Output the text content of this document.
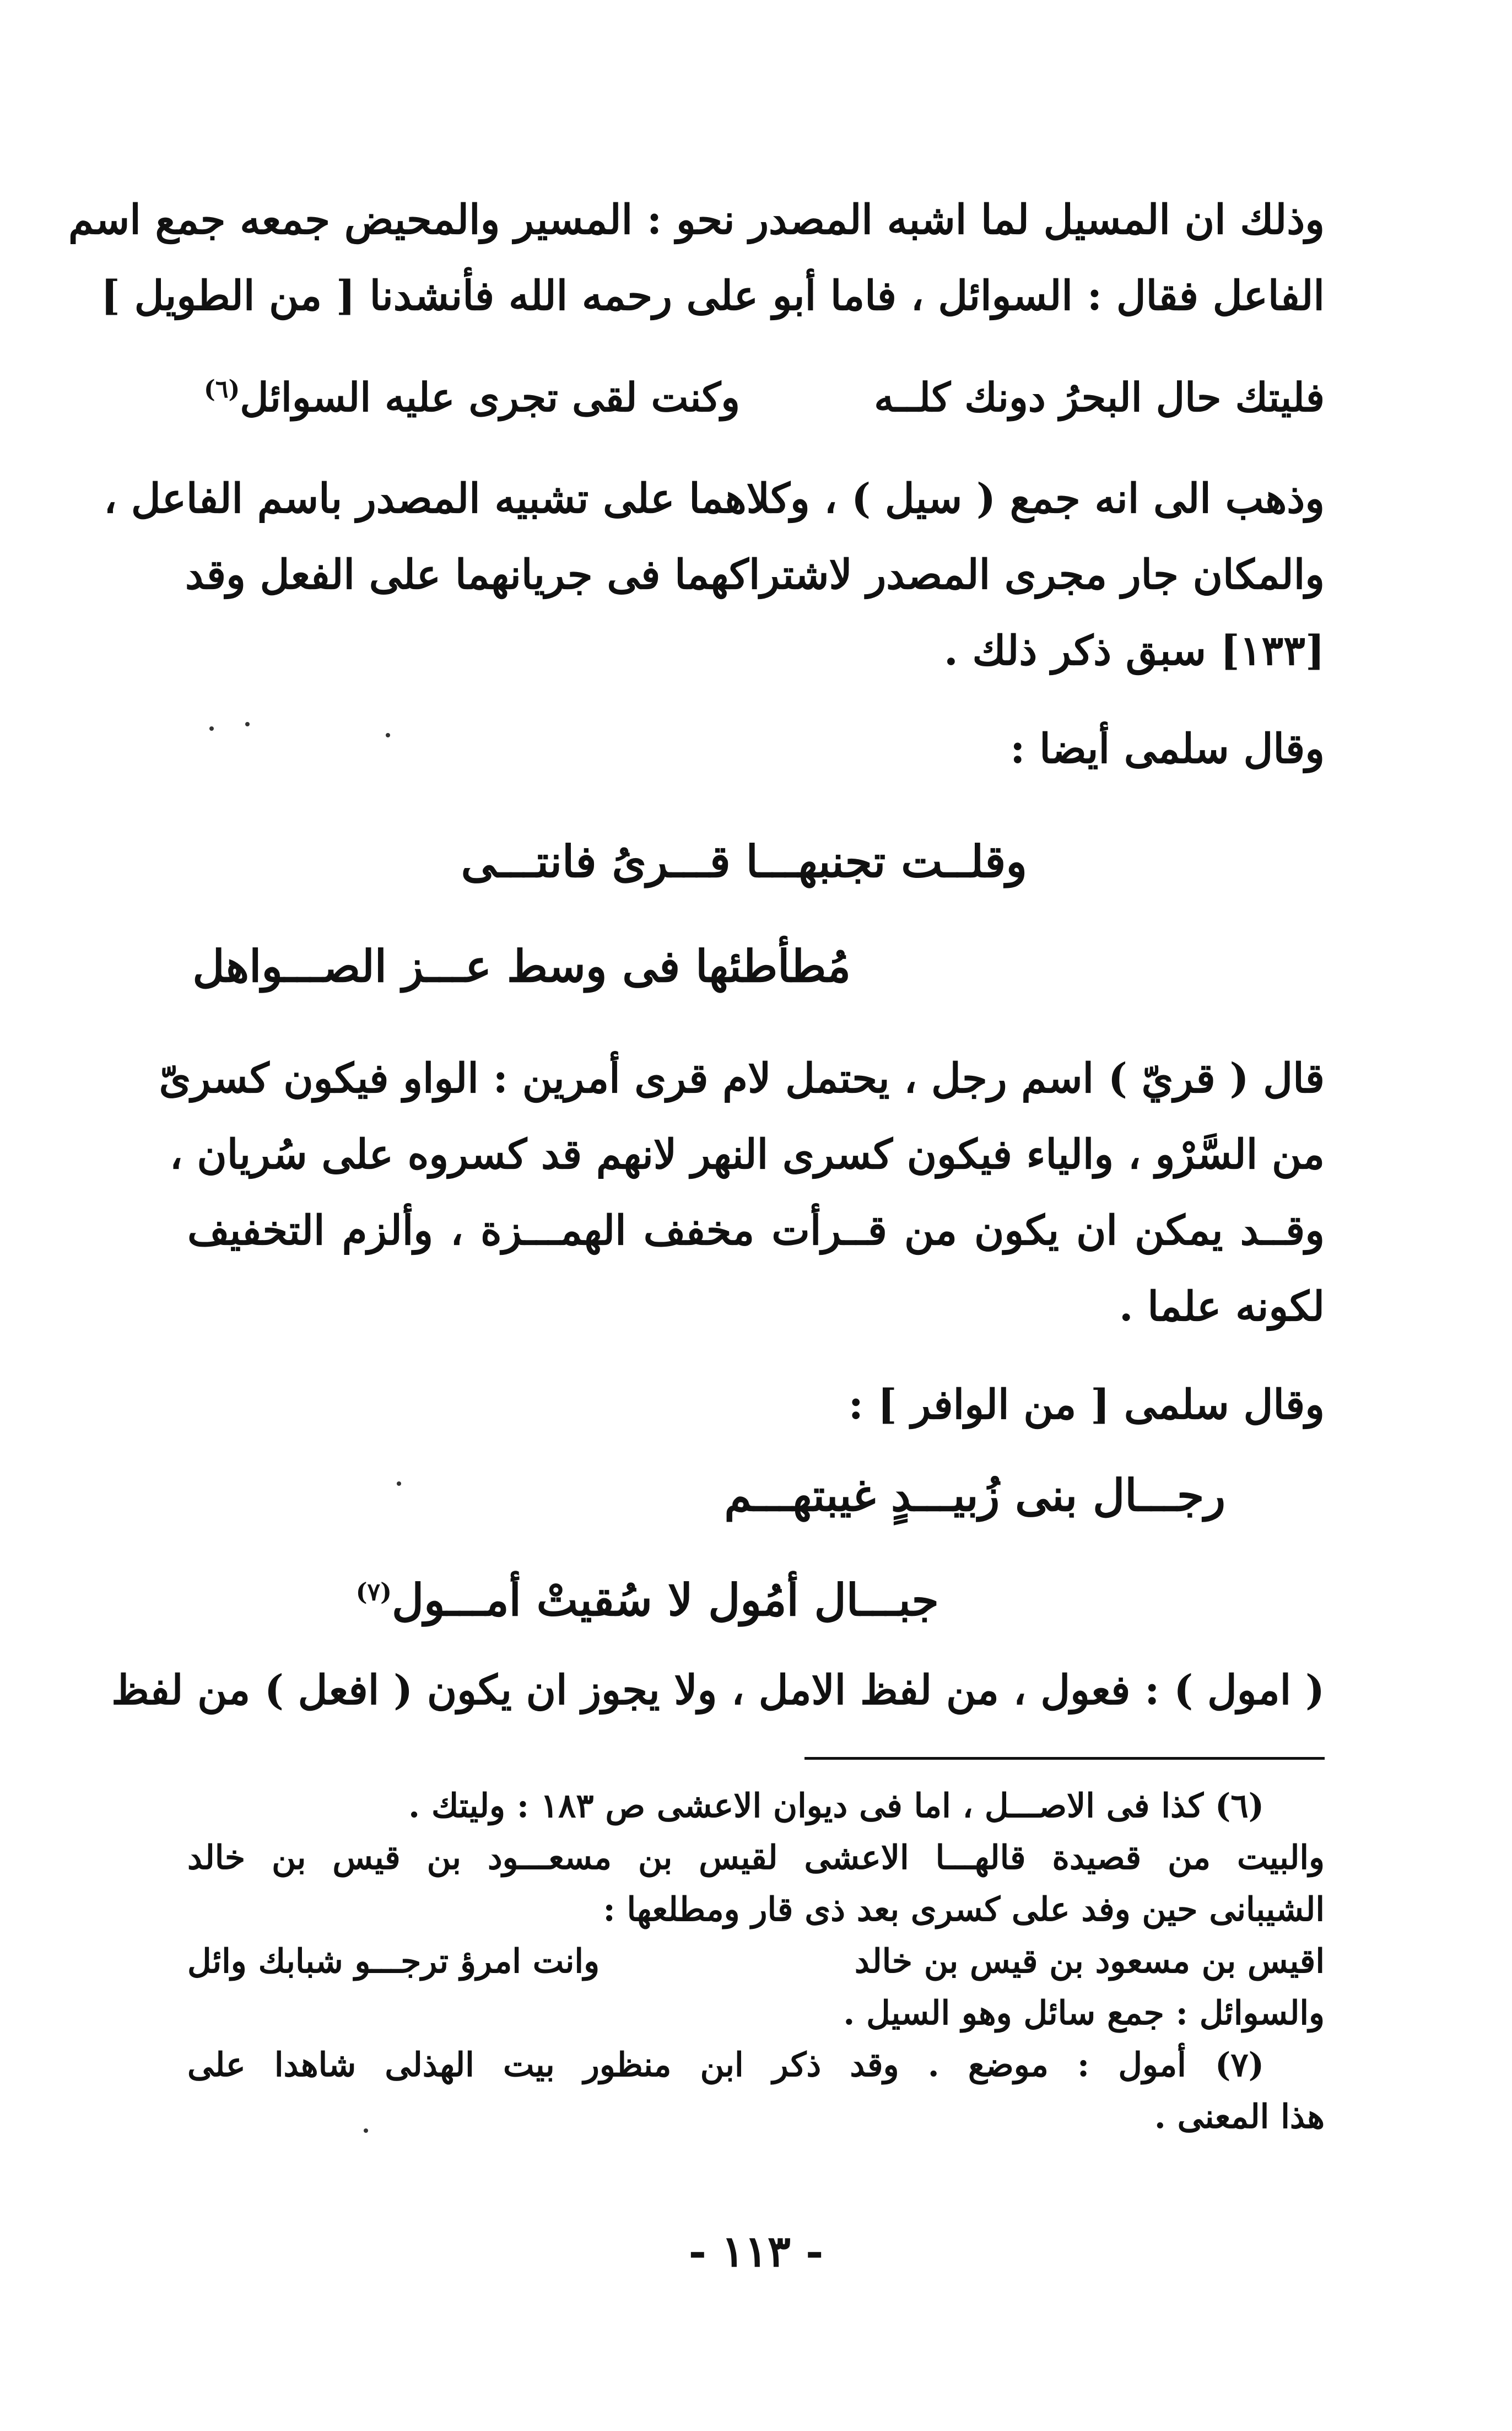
وذلك ان المسيل لما اشبه المصدر نحو : المسير والمحيض جمعه جمع اسم
الفاعل فقال : السوائل ، فاما أبو على رحمه الله فأنشدنا [ من الطويل ]

فليتك حال البحرُ دونك كلــه
وكنت لقى تجرى عليه السوائل$^{(٦)}$

وذهب الى انه جمع ( سيل ) ، وكلاهما على تشبيه المصدر باسم الفاعل ،
والمكان جار مجرى المصدر لاشتراكهما فى جريانهما على الفعل وقد
[١٣٣] سبق ذكر ذلك .

وقال سلمى أيضا :

وقلــت تجنبهـــا قـــرىُ فانتـــى
مُطأطئها فى وسط عـــز الصـــواهل

قال ( قريّ ) اسم رجل ، يحتمل لام قرى أمرين : الواو فيكون كسرىّ
من السَّرْو ، والياء فيكون كسرى النهر لانهم قد كسروه على سُريان ،
وقــد يمكن ان يكون من قــرأت مخفف الهمـــزة ، وألزم التخفيف
لكونه علما .

وقال سلمى [ من الوافر ] :

رجـــال بنى زُبيـــدٍ غيبتهـــم
جبـــال أمُول لا سُقيتْ أمـــول$^{(٧)}$

( امول ) : فعول ، من لفظ الامل ، ولا يجوز ان يكون ( افعل ) من لفظ

(٦) كذا فى الاصـــل ، اما فى ديوان الاعشى ص ١٨٣ : وليتك .
والبيت من قصيدة قالهـــا الاعشى لقيس بن مسعـــود بن قيس بن خالد
الشيبانى حين وفد على كسرى بعد ذى قار ومطلعها :
اقيس بن مسعود بن قيس بن خالد
وانت امرؤ ترجـــو شبابك وائل
والسوائل : جمع سائل وهو السيل .
(٧) أمول : موضع . وقد ذكر ابن منظور بيت الهذلى شاهدا على
هذا المعنى .
- ١١٣ -
